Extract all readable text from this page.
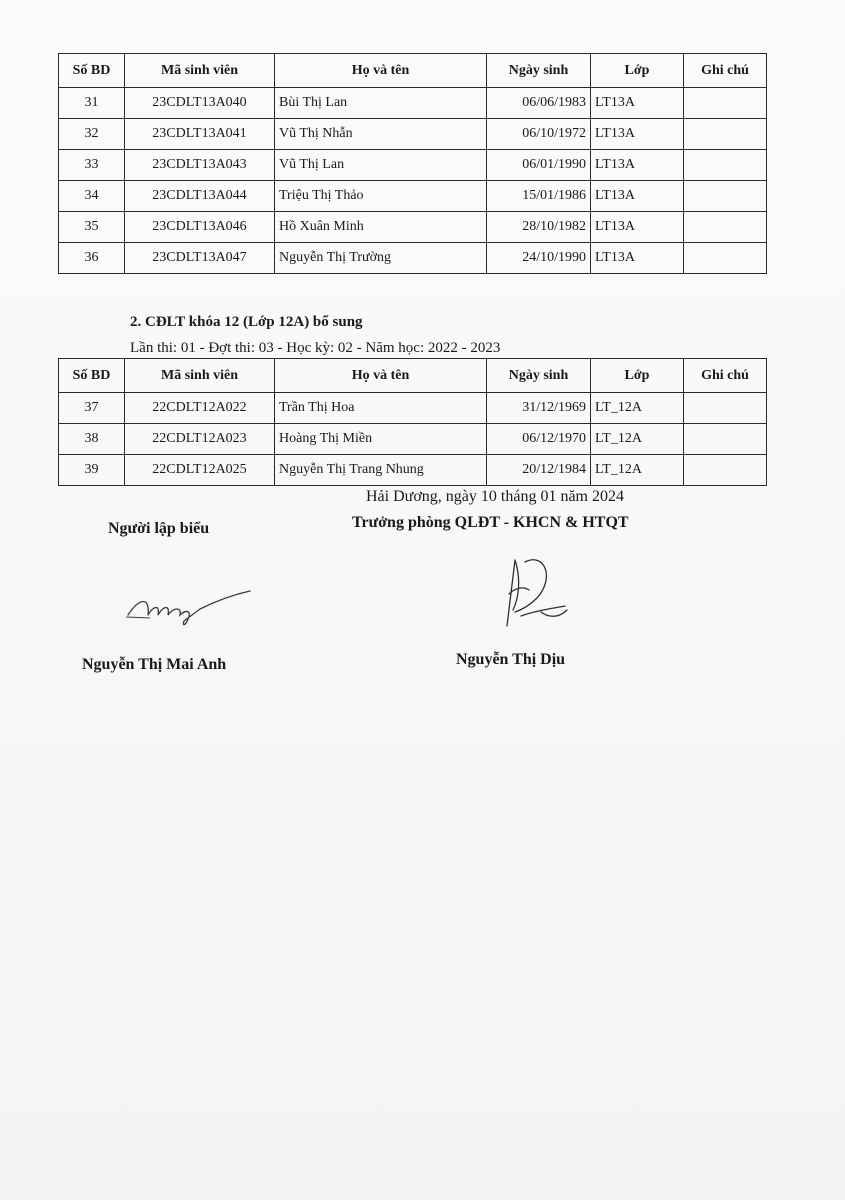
Số BD	Mã sinh viên	Họ và tên	Ngày sinh	Lớp	Ghi chú
31	23CDLT13A040	Bùi Thị Lan	06/06/1983	LT13A	
32	23CDLT13A041	Vũ Thị Nhẫn	06/10/1972	LT13A	
33	23CDLT13A043	Vũ Thị Lan	06/01/1990	LT13A	
34	23CDLT13A044	Triệu Thị Thảo	15/01/1986	LT13A	
35	23CDLT13A046	Hồ Xuân Minh	28/10/1982	LT13A	
36	23CDLT13A047	Nguyễn Thị Trường	24/10/1990	LT13A	
2. CĐLT khóa 12 (Lớp 12A) bổ sung
Lần thi: 01 - Đợt thi: 03 - Học kỳ: 02 - Năm học: 2022 - 2023
Số BD	Mã sinh viên	Họ và tên	Ngày sinh	Lớp	Ghi chú
37	22CDLT12A022	Trần Thị Hoa	31/12/1969	LT_12A	
38	22CDLT12A023	Hoàng Thị Miền	06/12/1970	LT_12A	
39	22CDLT12A025	Nguyễn Thị Trang Nhung	20/12/1984	LT_12A	
Hải Dương, ngày 10 tháng 01 năm 2024
Người lập biểu	Trưởng phòng QLĐT - KHCN & HTQT
Nguyễn Thị Mai Anh	Nguyễn Thị Dịu
